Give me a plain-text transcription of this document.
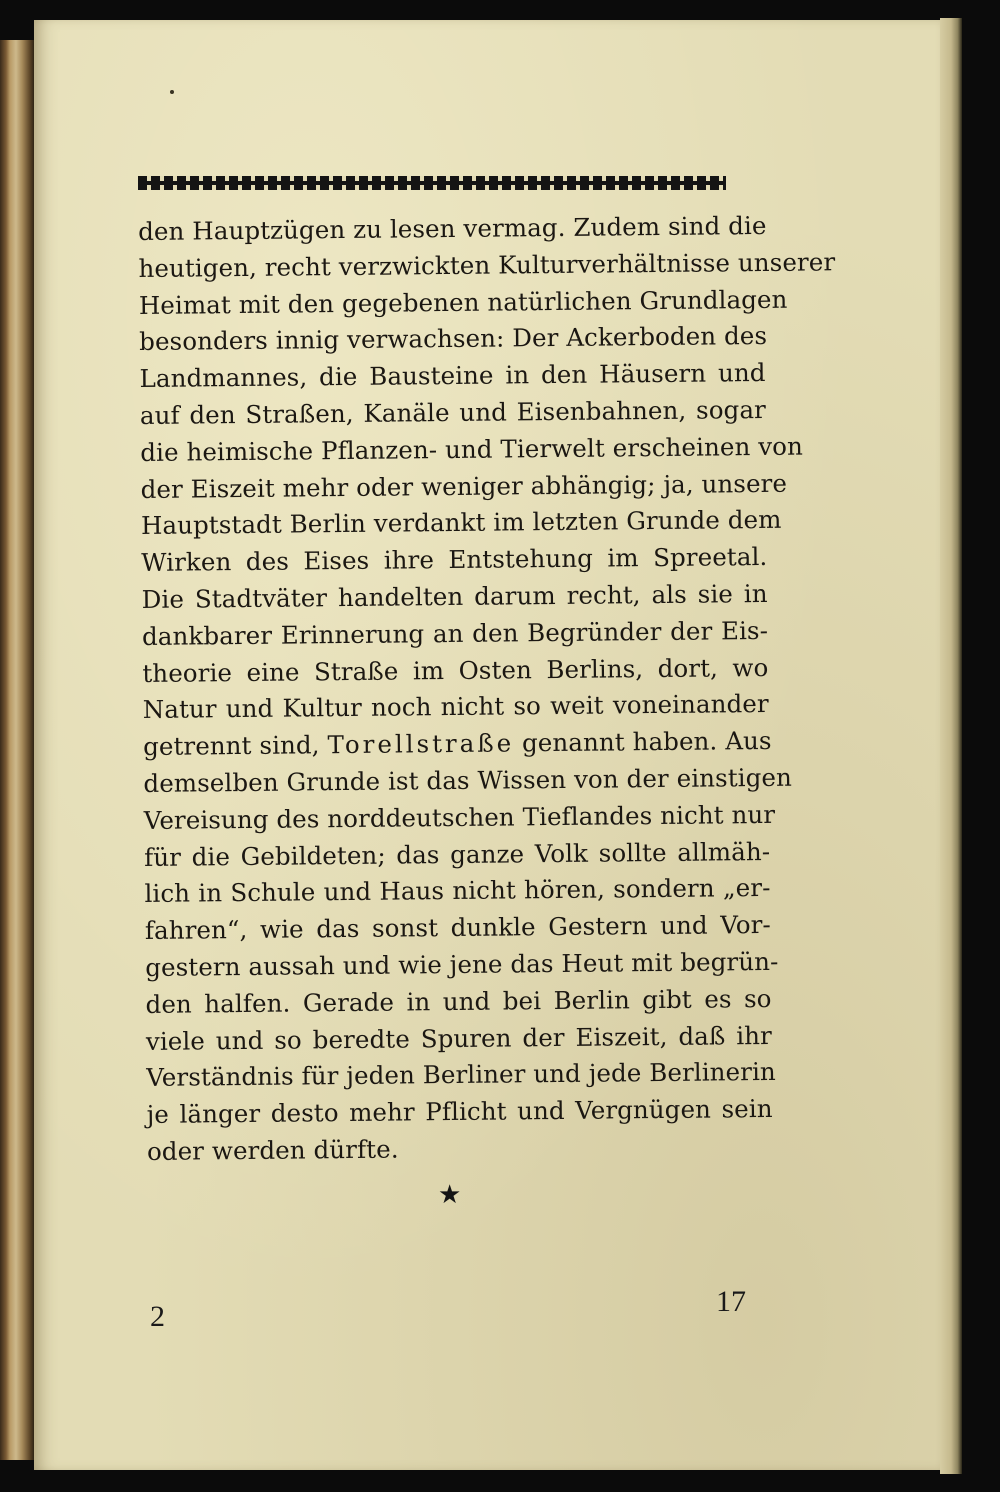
den Hauptzügen zu lesen vermag. Zudem sind die
heutigen, recht verzwickten Kulturverhältnisse unserer
Heimat mit den gegebenen natürlichen Grundlagen
besonders innig verwachsen: Der Ackerboden des
Landmannes, die Bausteine in den Häusern und
auf den Straßen, Kanäle und Eisenbahnen, sogar
die heimische Pflanzen- und Tierwelt erscheinen von
der Eiszeit mehr oder weniger abhängig; ja, unsere
Hauptstadt Berlin verdankt im letzten Grunde dem
Wirken des Eises ihre Entstehung im Spreetal.
Die Stadtväter handelten darum recht, als sie in
dankbarer Erinnerung an den Begründer der Eis-
theorie eine Straße im Osten Berlins, dort, wo
Natur und Kultur noch nicht so weit voneinander
getrennt sind, Torellstraße genannt haben. Aus
demselben Grunde ist das Wissen von der einstigen
Vereisung des norddeutschen Tieflandes nicht nur
für die Gebildeten; das ganze Volk sollte allmäh-
lich in Schule und Haus nicht hören, sondern „er-
fahren“, wie das sonst dunkle Gestern und Vor-
gestern aussah und wie jene das Heut mit begrün-
den halfen. Gerade in und bei Berlin gibt es so
viele und so beredte Spuren der Eiszeit, daß ihr
Verständnis für jeden Berliner und jede Berlinerin
je länger desto mehr Pflicht und Vergnügen sein
oder werden dürfte.
★
2	17
